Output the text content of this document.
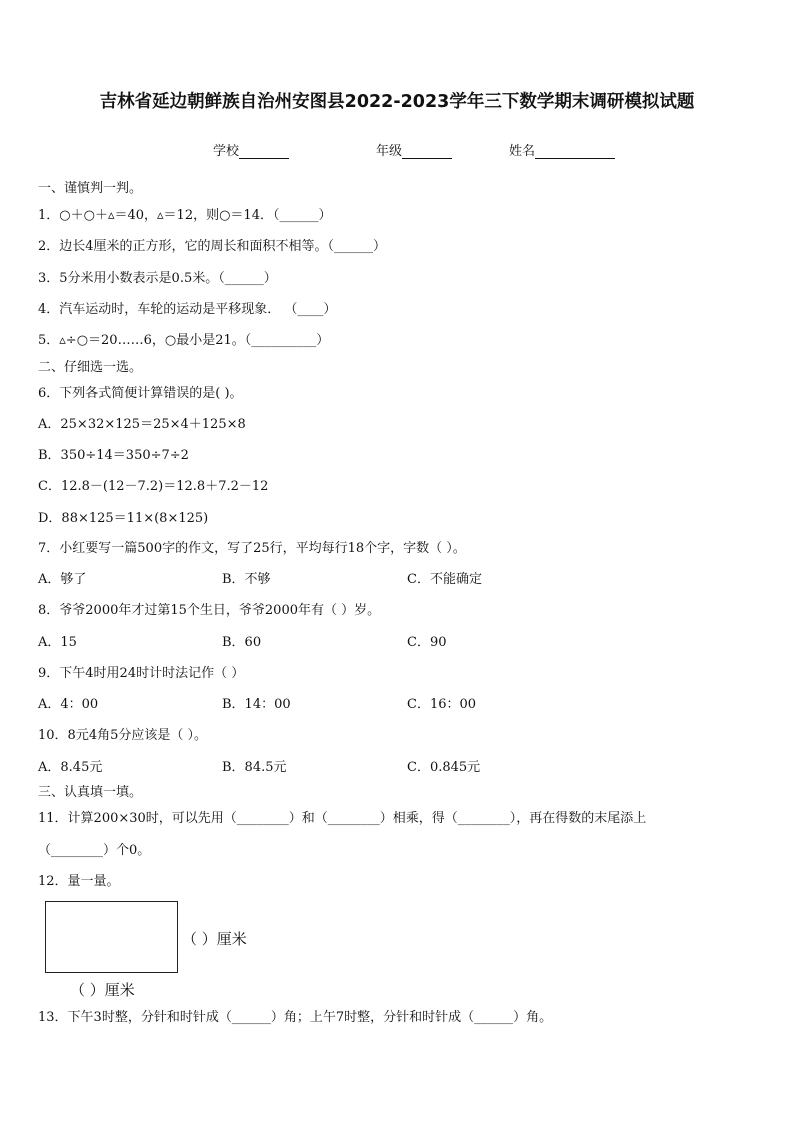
吉林省延边朝鲜族自治州安图县2022-2023学年三下数学期末调研模拟试题
学校	年级	姓名
一、谨慎判一判。
1．○＋○＋▵＝40，▵＝12，则○＝14．（______）
2．边长4厘米的正方形，它的周长和面积不相等。（______）
3．5分米用小数表示是0.5米。（______）
4．汽车运动时，车轮的运动是平移现象． （____）
5．▵÷○＝20……6，○最小是21。（__________）
二、仔细选一选。
6．下列各式简便计算错误的是( )。
A．25×32×125＝25×4＋125×8
B．350÷14＝350÷7÷2
C．12.8－(12－7.2)＝12.8＋7.2－12
D．88×125＝11×(8×125)
7．小红要写一篇500字的作文，写了25行，平均每行18个字，字数（ ）。
A．够了	B．不够	C．不能确定
8．爷爷2000年才过第15个生日，爷爷2000年有（ ）岁。
A．15	B．60	C．90
9．下午4时用24时计时法记作（ ）
A．4：00	B．14：00	C．16：00
10．8元4角5分应该是（ ）。
A．8.45元	B．84.5元	C．0.845元
三、认真填一填。
11．计算200×30时，可以先用（________）和（________）相乘，得（________），再在得数的末尾添上
（________）个0。
12．量一量。
（ ）厘米
（ ）厘米
13．下午3时整，分针和时针成（______）角；上午7时整，分针和时针成（______）角。
